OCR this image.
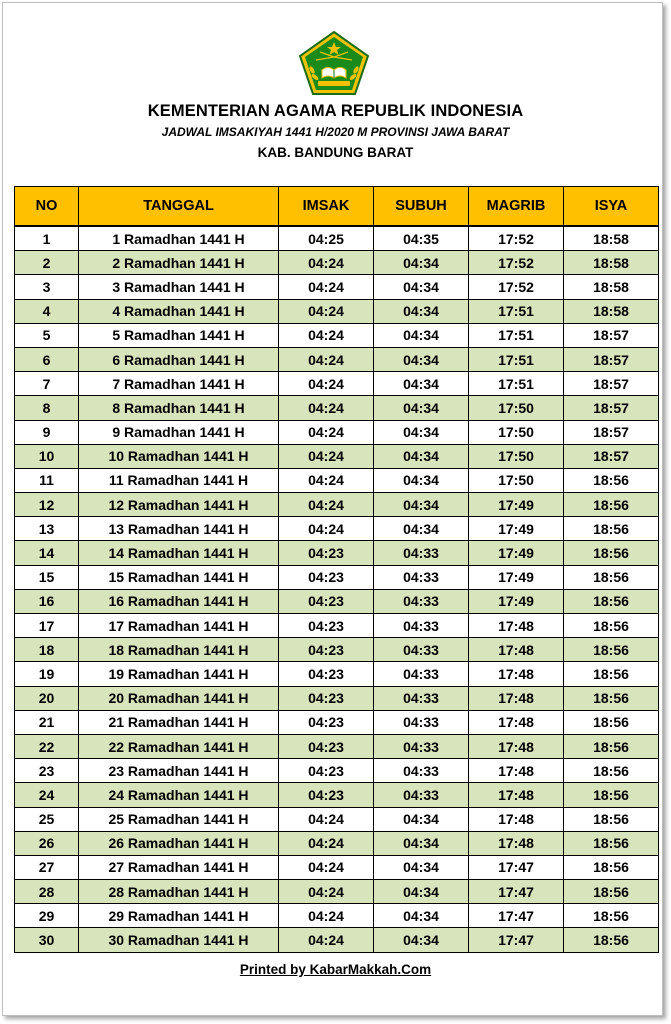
KEMENTERIAN AGAMA REPUBLIK INDONESIA
JADWAL IMSAKIYAH 1441 H/2020 M PROVINSI JAWA BARAT
KAB. BANDUNG BARAT
NO	TANGGAL	IMSAK	SUBUH	MAGRIB	ISYA
1	1 Ramadhan 1441 H	04:25	04:35	17:52	18:58
2	2 Ramadhan 1441 H	04:24	04:34	17:52	18:58
3	3 Ramadhan 1441 H	04:24	04:34	17:52	18:58
4	4 Ramadhan 1441 H	04:24	04:34	17:51	18:58
5	5 Ramadhan 1441 H	04:24	04:34	17:51	18:57
6	6 Ramadhan 1441 H	04:24	04:34	17:51	18:57
7	7 Ramadhan 1441 H	04:24	04:34	17:51	18:57
8	8 Ramadhan 1441 H	04:24	04:34	17:50	18:57
9	9 Ramadhan 1441 H	04:24	04:34	17:50	18:57
10	10 Ramadhan 1441 H	04:24	04:34	17:50	18:57
11	11 Ramadhan 1441 H	04:24	04:34	17:50	18:56
12	12 Ramadhan 1441 H	04:24	04:34	17:49	18:56
13	13 Ramadhan 1441 H	04:24	04:34	17:49	18:56
14	14 Ramadhan 1441 H	04:23	04:33	17:49	18:56
15	15 Ramadhan 1441 H	04:23	04:33	17:49	18:56
16	16 Ramadhan 1441 H	04:23	04:33	17:49	18:56
17	17 Ramadhan 1441 H	04:23	04:33	17:48	18:56
18	18 Ramadhan 1441 H	04:23	04:33	17:48	18:56
19	19 Ramadhan 1441 H	04:23	04:33	17:48	18:56
20	20 Ramadhan 1441 H	04:23	04:33	17:48	18:56
21	21 Ramadhan 1441 H	04:23	04:33	17:48	18:56
22	22 Ramadhan 1441 H	04:23	04:33	17:48	18:56
23	23 Ramadhan 1441 H	04:23	04:33	17:48	18:56
24	24 Ramadhan 1441 H	04:23	04:33	17:48	18:56
25	25 Ramadhan 1441 H	04:24	04:34	17:48	18:56
26	26 Ramadhan 1441 H	04:24	04:34	17:48	18:56
27	27 Ramadhan 1441 H	04:24	04:34	17:47	18:56
28	28 Ramadhan 1441 H	04:24	04:34	17:47	18:56
29	29 Ramadhan 1441 H	04:24	04:34	17:47	18:56
30	30 Ramadhan 1441 H	04:24	04:34	17:47	18:56
Printed by KabarMakkah.Com
